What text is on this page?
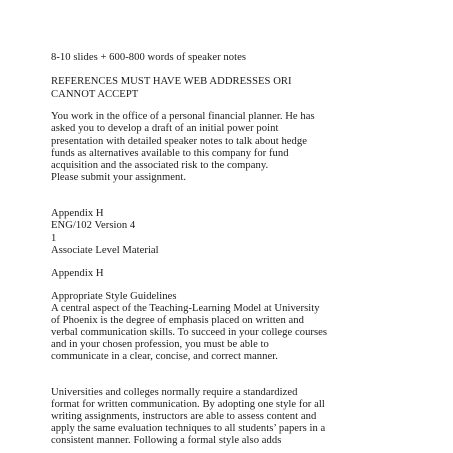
8-10 slides + 600-800 words of speaker notes
REFERENCES MUST HAVE WEB ADDRESSES ORI
CANNOT ACCEPT
You work in the office of a personal financial planner. He has
asked you to develop a draft of an initial power point
presentation with detailed speaker notes to talk about hedge
funds as alternatives available to this company for fund
acquisition and the associated risk to the company.
Please submit your assignment.
Appendix H
ENG/102 Version 4
1
Associate Level Material
Appendix H
Appropriate Style Guidelines
A central aspect of the Teaching-Learning Model at University
of Phoenix is the degree of emphasis placed on written and
verbal communication skills. To succeed in your college courses
and in your chosen profession, you must be able to
communicate in a clear, concise, and correct manner.
Universities and colleges normally require a standardized
format for written communication. By adopting one style for all
writing assignments, instructors are able to assess content and
apply the same evaluation techniques to all students’ papers in a
consistent manner. Following a formal style also adds
